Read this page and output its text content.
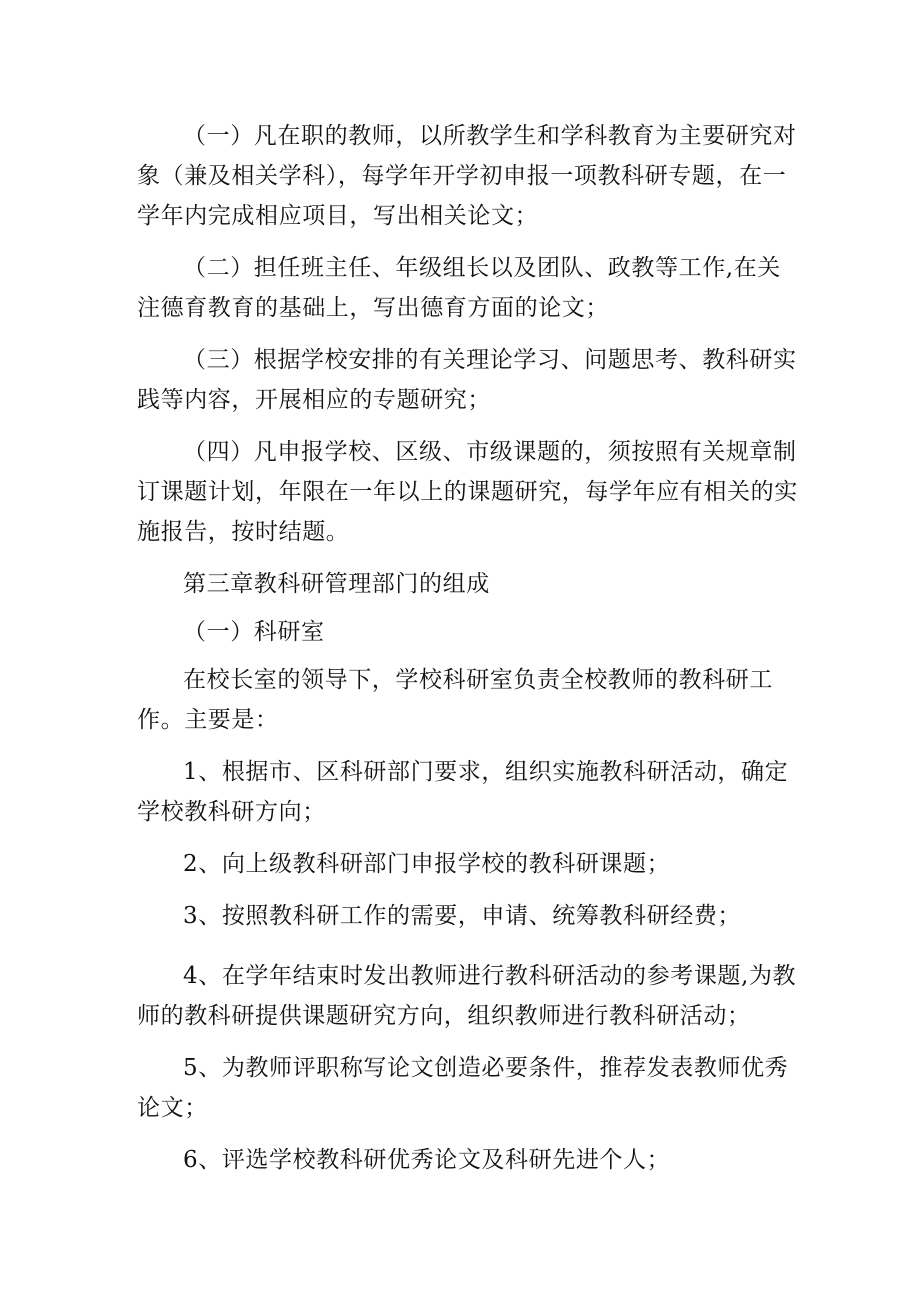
（一）凡在职的教师，以所教学生和学科教育为主要研究对象（兼及相关学科），每学年开学初申报一项教科研专题，在一学年内完成相应项目，写出相关论文；

（二）担任班主任、年级组长以及团队、政教等工作,在关注德育教育的基础上，写出德育方面的论文；

（三）根据学校安排的有关理论学习、问题思考、教科研实践等内容，开展相应的专题研究；

（四）凡申报学校、区级、市级课题的，须按照有关规章制订课题计划，年限在一年以上的课题研究，每学年应有相关的实施报告，按时结题。

第三章教科研管理部门的组成

（一）科研室

在校长室的领导下，学校科研室负责全校教师的教科研工作。主要是：

1、根据市、区科研部门要求，组织实施教科研活动，确定学校教科研方向；

2、向上级教科研部门申报学校的教科研课题；

3、按照教科研工作的需要，申请、统筹教科研经费；

4、在学年结束时发出教师进行教科研活动的参考课题,为教师的教科研提供课题研究方向，组织教师进行教科研活动；

5、为教师评职称写论文创造必要条件，推荐发表教师优秀论文；

6、评选学校教科研优秀论文及科研先进个人；
